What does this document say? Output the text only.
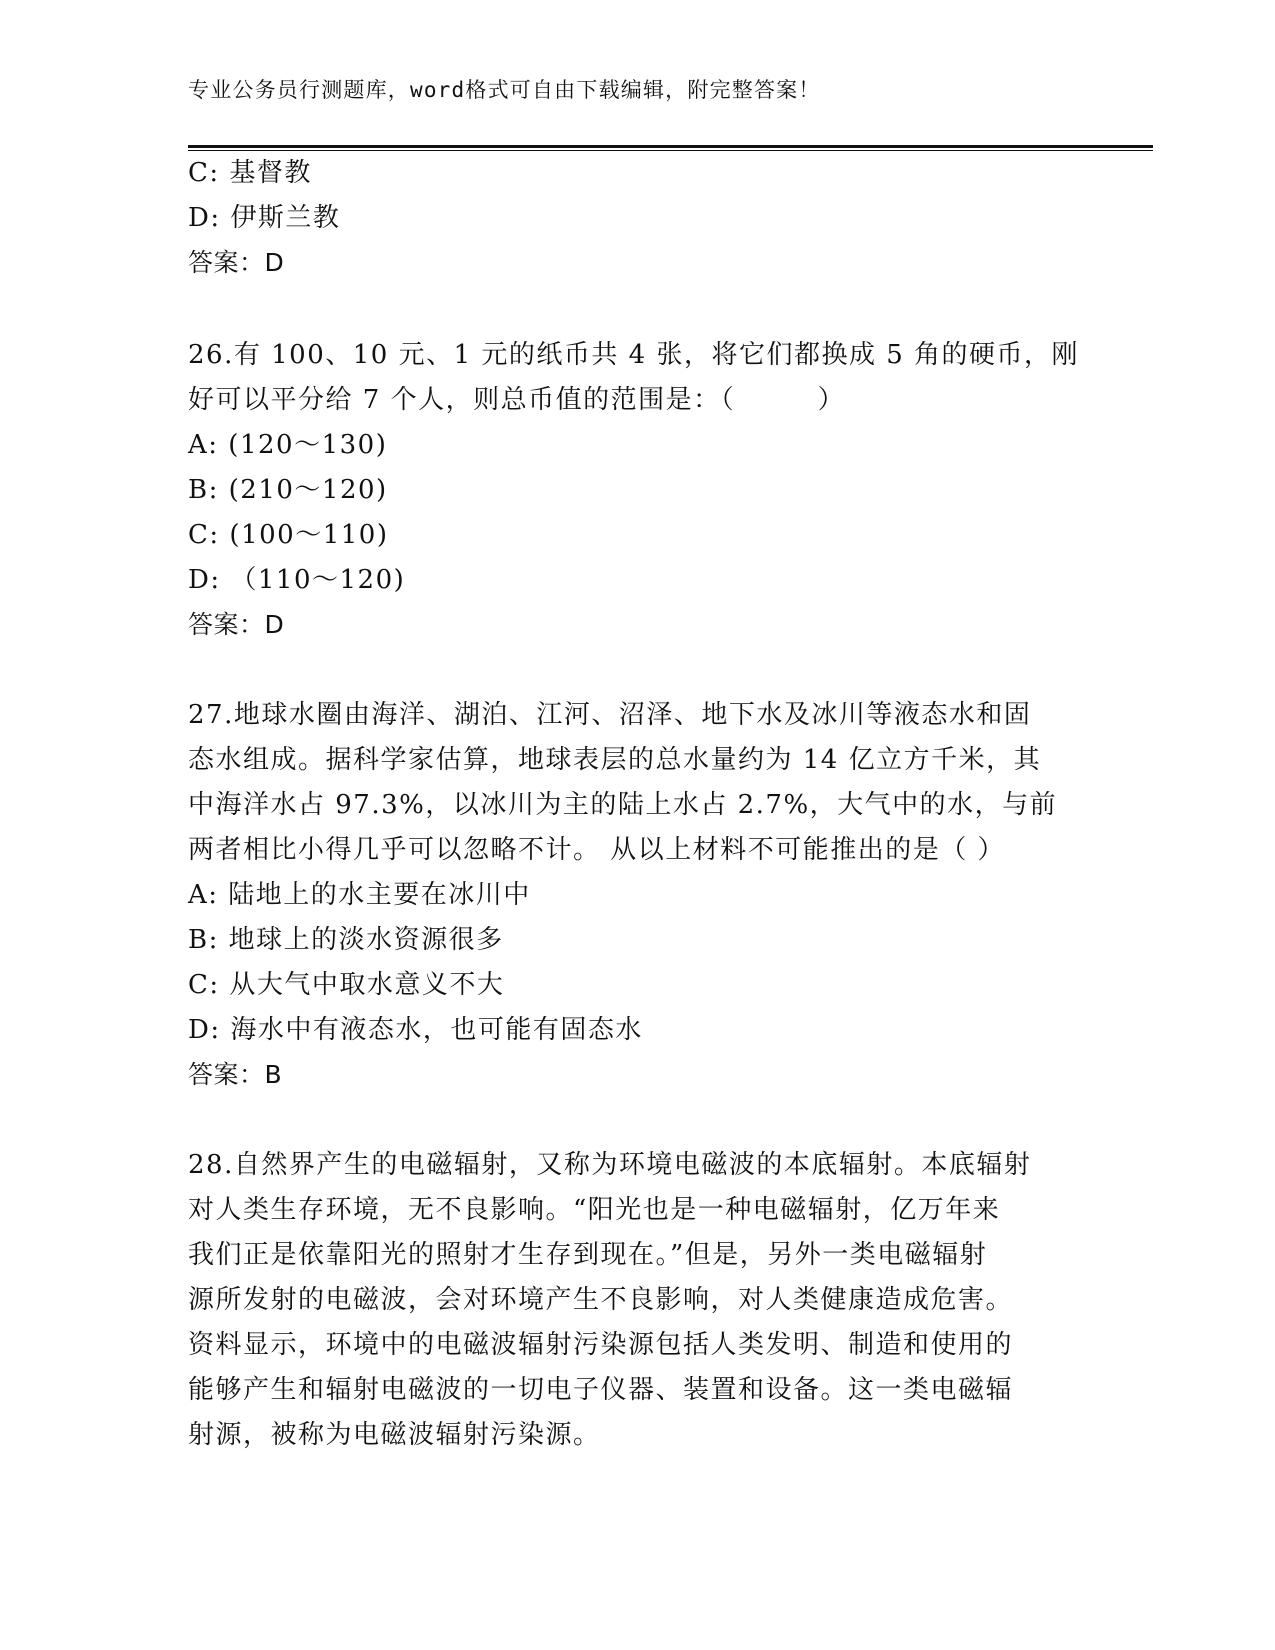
专业公务员行测题库，word格式可自由下载编辑，附完整答案！
C: 基督教
D: 伊斯兰教
答案：D
26.有 100、10 元、1 元的纸币共 4 张，将它们都换成 5 角的硬币，刚
好可以平分给 7 个人，则总币值的范围是：（　　　）
A: (120～130)
B: (210～120)
C: (100～110)
D: （110～120)
答案：D
27.地球水圈由海洋、湖泊、江河、沼泽、地下水及冰川等液态水和固
态水组成。据科学家估算，地球表层的总水量约为 14 亿立方千米，其
中海洋水占 97.3%，以冰川为主的陆上水占 2.7%，大气中的水，与前
两者相比小得几乎可以忽略不计。 从以上材料不可能推出的是（ ）
A: 陆地上的水主要在冰川中
B: 地球上的淡水资源很多
C: 从大气中取水意义不大
D: 海水中有液态水，也可能有固态水
答案：B
28.自然界产生的电磁辐射，又称为环境电磁波的本底辐射。本底辐射
对人类生存环境，无不良影响。“阳光也是一种电磁辐射，亿万年来
我们正是依靠阳光的照射才生存到现在。”但是，另外一类电磁辐射
源所发射的电磁波，会对环境产生不良影响，对人类健康造成危害。
资料显示，环境中的电磁波辐射污染源包括人类发明、制造和使用的
能够产生和辐射电磁波的一切电子仪器、装置和设备。这一类电磁辐
射源，被称为电磁波辐射污染源。
